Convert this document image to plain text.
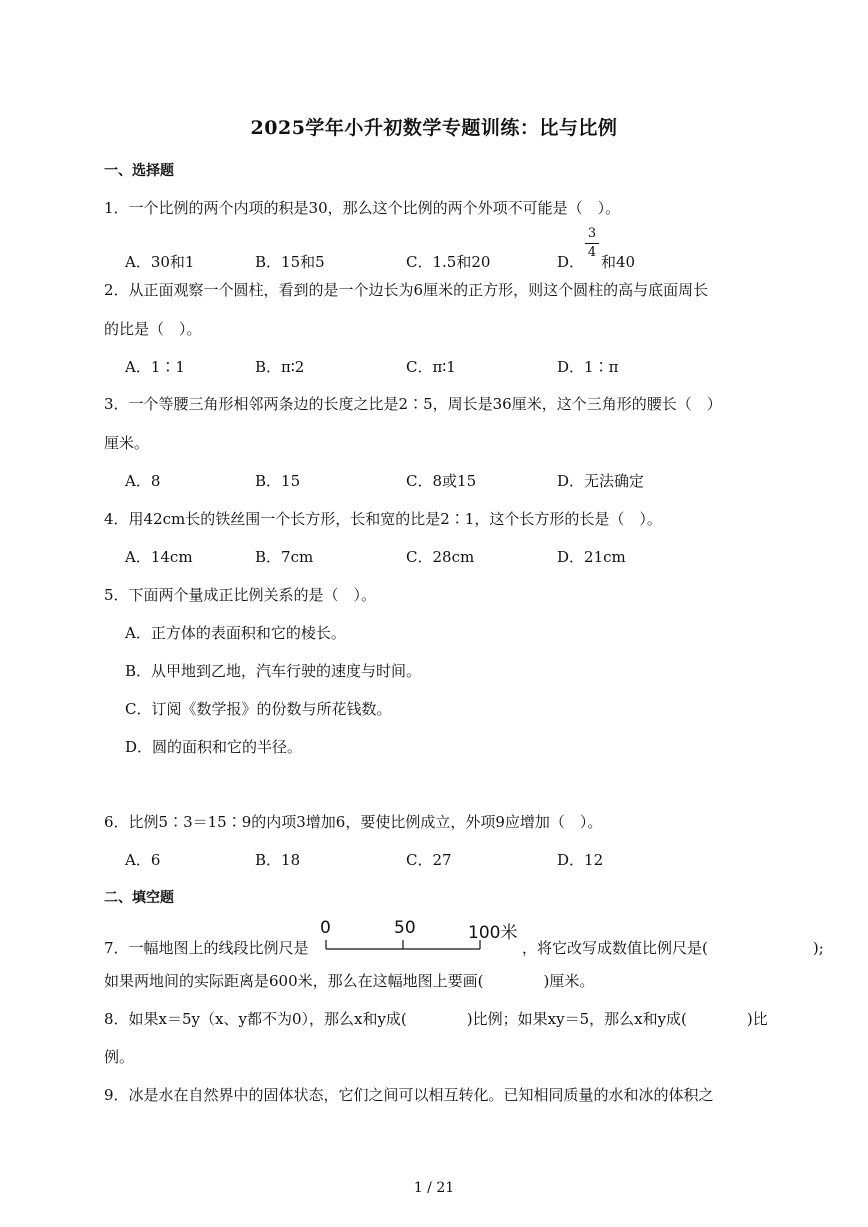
2025学年小升初数学专题训练：比与比例
一、选择题
1．一个比例的两个内项的积是30，那么这个比例的两个外项不可能是（　）。
A．30和1	B．15和5	C．1.5和20	D．
3
4
和40
2．从正面观察一个圆柱，看到的是一个边长为6厘米的正方形，则这个圆柱的高与底面周长
的比是（　）。
A．1∶1	B．π∶2	C．π∶1	D．1∶π
3．一个等腰三角形相邻两条边的长度之比是2∶5，周长是36厘米，这个三角形的腰长（　）
厘米。
A．8	B．15	C．8或15	D．无法确定
4．用42cm长的铁丝围一个长方形，长和宽的比是2∶1，这个长方形的长是（　）。
A．14cm	B．7cm	C．28cm	D．21cm
5．下面两个量成正比例关系的是（　）。
A．正方体的表面积和它的棱长。
B．从甲地到乙地，汽车行驶的速度与时间。
C．订阅《数学报》的份数与所花钱数。
D．圆的面积和它的半径。
6．比例5∶3＝15∶9的内项3增加6，要使比例成立，外项9应增加（　）。
A．6	B．18	C．27	D．12
二、填空题
7．一幅地图上的线段比例尺是
0	50	100米
，将它改写成数值比例尺是(　　　　　　　);
如果两地间的实际距离是600米，那么在这幅地图上要画(　　　　)厘米。
8．如果x＝5y（x、y都不为0），那么x和y成(　　　　)比例；如果xy＝5，那么x和y成(　　　　)比
例。
9．冰是水在自然界中的固体状态，它们之间可以相互转化。已知相同质量的水和冰的体积之
1 / 21
